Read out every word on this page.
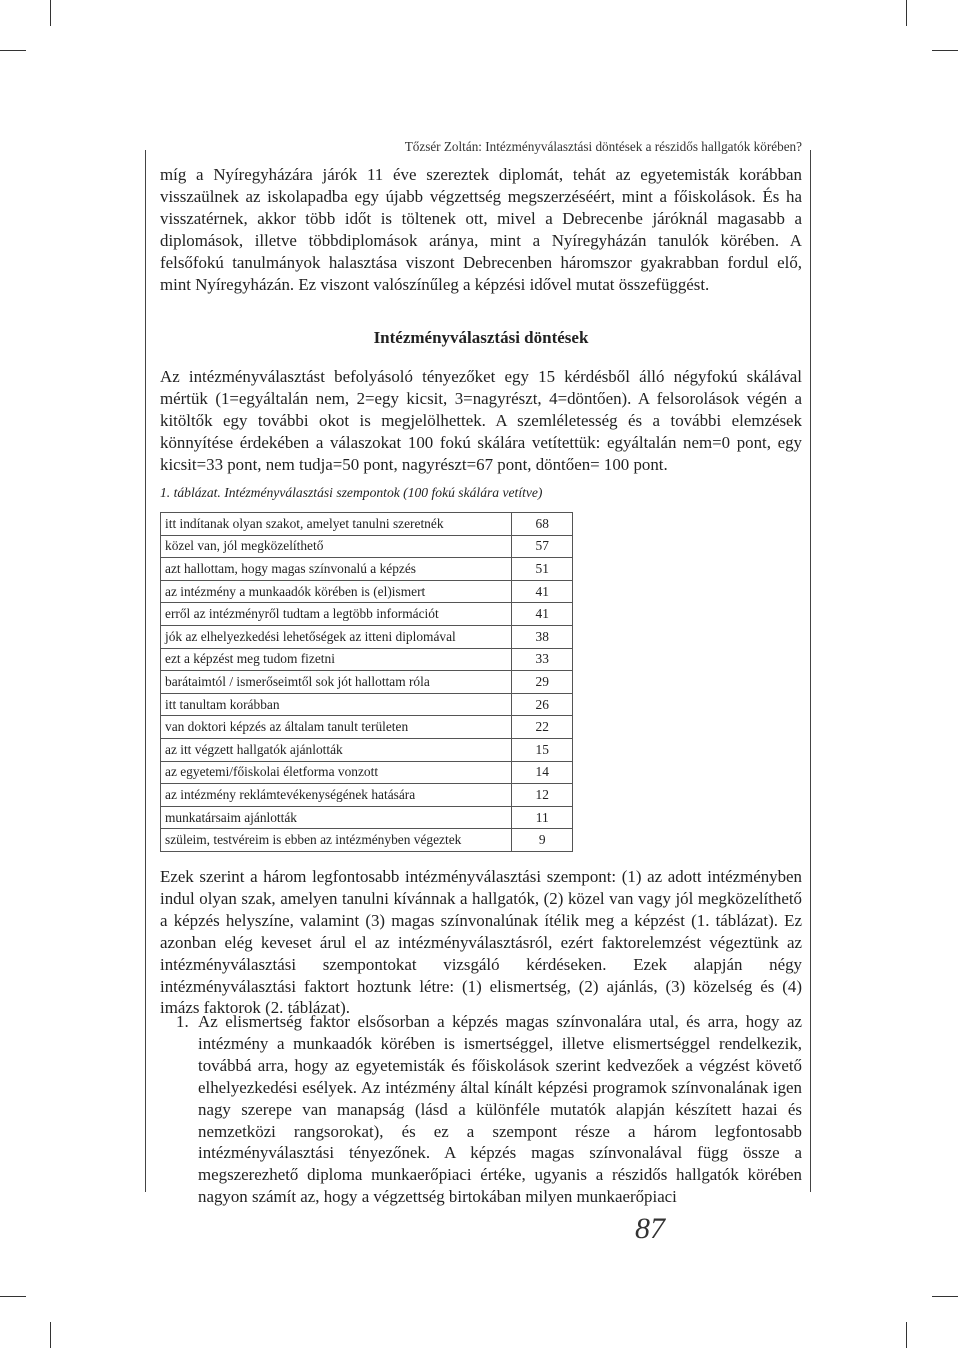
Tőzsér Zoltán: Intézményválasztási döntések a részidős hallgatók körében?

míg a Nyíregyházára járók 11 éve szereztek diplomát, tehát az egyetemisták korábban visszaülnek az iskolapadba egy újabb végzettség megszerzéséért, mint a főiskolások. És ha visszatérnek, akkor több időt is töltenek ott, mivel a Debrecenbe járóknál magasabb a diplomások, illetve többdiplomások aránya, mint a Nyíregyházán tanulók körében. A felsőfokú tanulmányok halasztása viszont Debrecenben háromszor gyakrabban fordul elő, mint Nyíregyházán. Ez viszont valószínűleg a képzési idővel mutat összefüggést.

Intézményválasztási döntések

Az intézményválasztást befolyásoló tényezőket egy 15 kérdésből álló négyfokú skálával mértük (1=egyáltalán nem, 2=egy kicsit, 3=nagyrészt, 4=döntően). A felsorolások végén a kitöltők egy további okot is megjelölhettek. A szemléletesség és a további elemzések könnyítése érdekében a válaszokat 100 fokú skálára vetítettük: egyáltalán nem=0 pont, egy kicsit=33 pont, nem tudja=50 pont, nagyrészt=67 pont, döntően= 100 pont.

1. táblázat. Intézményválasztási szempontok (100 fokú skálára vetítve)

itt indítanak olyan szakot, amelyet tanulni szeretnék	68
közel van, jól megközelíthető	57
azt hallottam, hogy magas színvonalú a képzés	51
az intézmény a munkaadók körében is (el)ismert	41
erről az intézményről tudtam a legtöbb információt	41
jók az elhelyezkedési lehetőségek az itteni diplomával	38
ezt a képzést meg tudom fizetni	33
barátaimtól / ismerőseimtől sok jót hallottam róla	29
itt tanultam korábban	26
van doktori képzés az általam tanult területen	22
az itt végzett hallgatók ajánlották	15
az egyetemi/főiskolai életforma vonzott	14
az intézmény reklámtevékenységének hatására	12
munkatársaim ajánlották	11
szüleim, testvéreim is ebben az intézményben végeztek	9

Ezek szerint a három legfontosabb intézményválasztási szempont: (1) az adott intézményben indul olyan szak, amelyen tanulni kívánnak a hallgatók, (2) közel van vagy jól megközelíthető a képzés helyszíne, valamint (3) magas színvonalúnak ítélik meg a képzést (1. táblázat). Ez azonban elég keveset árul el az intézményválasztásról, ezért faktorelemzést végeztünk az intézményválasztási szempontokat vizsgáló kérdéseken. Ezek alapján négy intézményválasztási faktort hoztunk létre: (1) elismertség, (2) ajánlás, (3) közelség és (4) imázs faktorok (2. táblázat).

1. Az elismertség faktor elsősorban a képzés magas színvonalára utal, és arra, hogy az intézmény a munkaadók körében is ismertséggel, illetve elismertséggel rendelkezik, továbbá arra, hogy az egyetemisták és főiskolások szerint kedvezőek a végzést követő elhelyezkedési esélyek. Az intézmény által kínált képzési programok színvonalának igen nagy szerepe van manapság (lásd a különféle mutatók alapján készített hazai és nemzetközi rangsorokat), és ez a szempont része a három legfontosabb intézményválasztási tényezőnek. A képzés magas színvonalával függ össze a megszerezhető diploma munkaerőpiaci értéke, ugyanis a részidős hallgatók körében nagyon számít az, hogy a végzettség birtokában milyen munkaerőpiaci
87
